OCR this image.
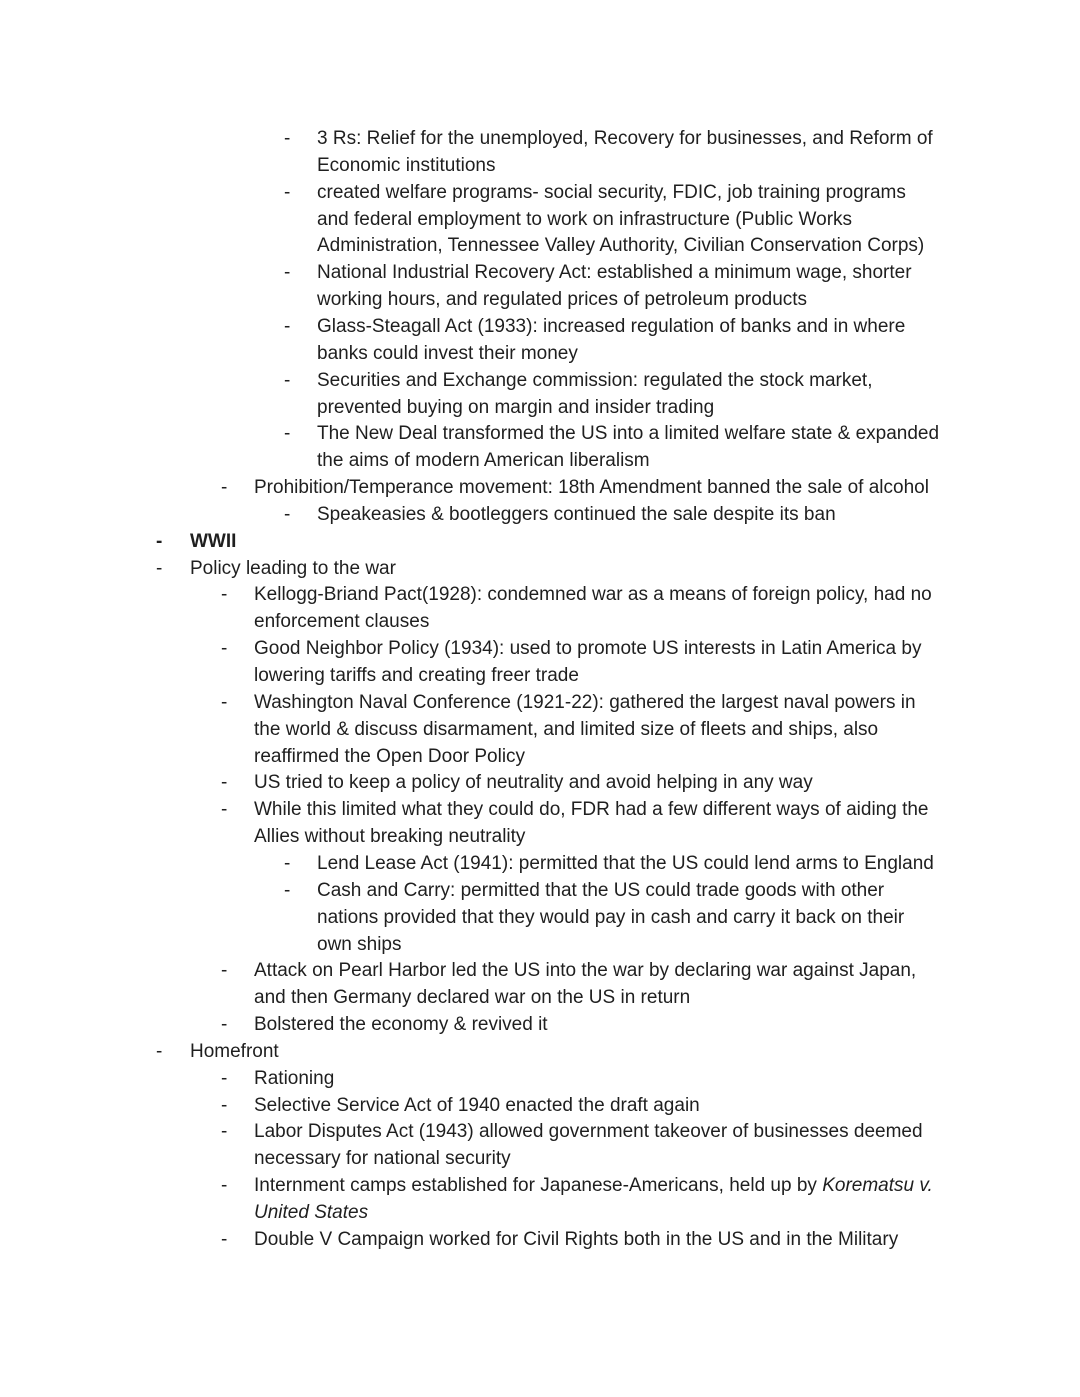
- 3 Rs: Relief for the unemployed, Recovery for businesses, and Reform of
Economic institutions
- created welfare programs- social security, FDIC, job training programs
and federal employment to work on infrastructure (Public Works
Administration, Tennessee Valley Authority, Civilian Conservation Corps)
- National Industrial Recovery Act: established a minimum wage, shorter
working hours, and regulated prices of petroleum products
- Glass-Steagall Act (1933): increased regulation of banks and in where
banks could invest their money
- Securities and Exchange commission: regulated the stock market,
prevented buying on margin and insider trading
- The New Deal transformed the US into a limited welfare state & expanded
the aims of modern American liberalism
- Prohibition/Temperance movement: 18th Amendment banned the sale of alcohol
- Speakeasies & bootleggers continued the sale despite its ban
- WWII
- Policy leading to the war
- Kellogg-Briand Pact(1928): condemned war as a means of foreign policy, had no
enforcement clauses
- Good Neighbor Policy (1934): used to promote US interests in Latin America by
lowering tariffs and creating freer trade
- Washington Naval Conference (1921-22): gathered the largest naval powers in
the world & discuss disarmament, and limited size of fleets and ships, also
reaffirmed the Open Door Policy
- US tried to keep a policy of neutrality and avoid helping in any way
- While this limited what they could do, FDR had a few different ways of aiding the
Allies without breaking neutrality
- Lend Lease Act (1941): permitted that the US could lend arms to England
- Cash and Carry: permitted that the US could trade goods with other
nations provided that they would pay in cash and carry it back on their
own ships
- Attack on Pearl Harbor led the US into the war by declaring war against Japan,
and then Germany declared war on the US in return
- Bolstered the economy & revived it
- Homefront
- Rationing
- Selective Service Act of 1940 enacted the draft again
- Labor Disputes Act (1943) allowed government takeover of businesses deemed
necessary for national security
- Internment camps established for Japanese-Americans, held up by Korematsu v.
United States
- Double V Campaign worked for Civil Rights both in the US and in the Military
